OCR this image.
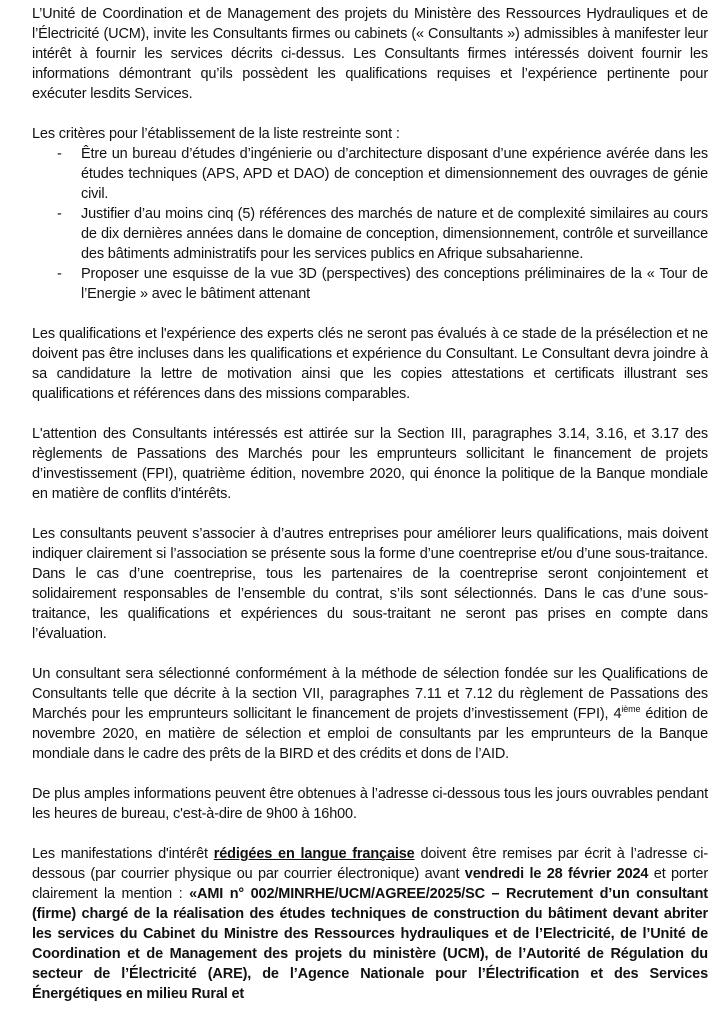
L’Unité de Coordination et de Management des projets du Ministère des Ressources Hydrauliques et de l’Électricité (UCM), invite les Consultants firmes ou cabinets (« Consultants ») admissibles à manifester leur intérêt à fournir les services décrits ci-dessus. Les Consultants firmes intéressés doivent fournir les informations démontrant qu’ils possèdent les qualifications requises et l’expérience pertinente pour exécuter lesdits Services.

Les critères pour l’établissement de la liste restreinte sont :

- Être un bureau d’études d’ingénierie ou d’architecture disposant d’une expérience avérée dans les études techniques (APS, APD et DAO) de conception et dimensionnement des ouvrages de génie civil.
- Justifier d’au moins cinq (5) références des marchés de nature et de complexité similaires au cours de dix dernières années dans le domaine de conception, dimensionnement, contrôle et surveillance des bâtiments administratifs pour les services publics en Afrique subsaharienne.
- Proposer une esquisse de la vue 3D (perspectives) des conceptions préliminaires de la « Tour de l’Energie » avec le bâtiment attenant

Les qualifications et l'expérience des experts clés ne seront pas évalués à ce stade de la présélection et ne doivent pas être incluses dans les qualifications et expérience du Consultant. Le Consultant devra joindre à sa candidature la lettre de motivation ainsi que les copies attestations et certificats illustrant ses qualifications et références dans des missions comparables.

L'attention des Consultants intéressés est attirée sur la Section III, paragraphes 3.14, 3.16, et 3.17 des règlements de Passations des Marchés pour les emprunteurs sollicitant le financement de projets d’investissement (FPI), quatrième édition, novembre 2020, qui énonce la politique de la Banque mondiale en matière de conflits d'intérêts.

Les consultants peuvent s’associer à d’autres entreprises pour améliorer leurs qualifications, mais doivent indiquer clairement si l’association se présente sous la forme d’une coentreprise et/ou d’une sous-traitance. Dans le cas d’une coentreprise, tous les partenaires de la coentreprise seront conjointement et solidairement responsables de l’ensemble du contrat, s’ils sont sélectionnés. Dans le cas d’une sous-traitance, les qualifications et expériences du sous-traitant ne seront pas prises en compte dans l’évaluation.

Un consultant sera sélectionné conformément à la méthode de sélection fondée sur les Qualifications de Consultants telle que décrite à la section VII, paragraphes 7.11 et 7.12 du règlement de Passations des Marchés pour les emprunteurs sollicitant le financement de projets d’investissement (FPI), 4ième édition de novembre 2020, en matière de sélection et emploi de consultants par les emprunteurs de la Banque mondiale dans le cadre des prêts de la BIRD et des crédits et dons de l’AID.

De plus amples informations peuvent être obtenues à l’adresse ci-dessous tous les jours ouvrables pendant les heures de bureau, c'est-à-dire de 9h00 à 16h00.

Les manifestations d'intérêt rédigées en langue française doivent être remises par écrit à l’adresse ci-dessous (par courrier physique ou par courrier électronique) avant vendredi le 28 février 2024 et porter clairement la mention : «AMI n° 002/MINRHE/UCM/AGREE/2025/SC – Recrutement d’un consultant (firme) chargé de la réalisation des études techniques de construction du bâtiment devant abriter les services du Cabinet du Ministre des Ressources hydrauliques et de l’Electricité, de l’Unité de Coordination et de Management des projets du ministère (UCM), de l’Autorité de Régulation du secteur de l’Électricité (ARE), de l’Agence Nationale pour l’Électrification et des Services Énergétiques en milieu Rural et
